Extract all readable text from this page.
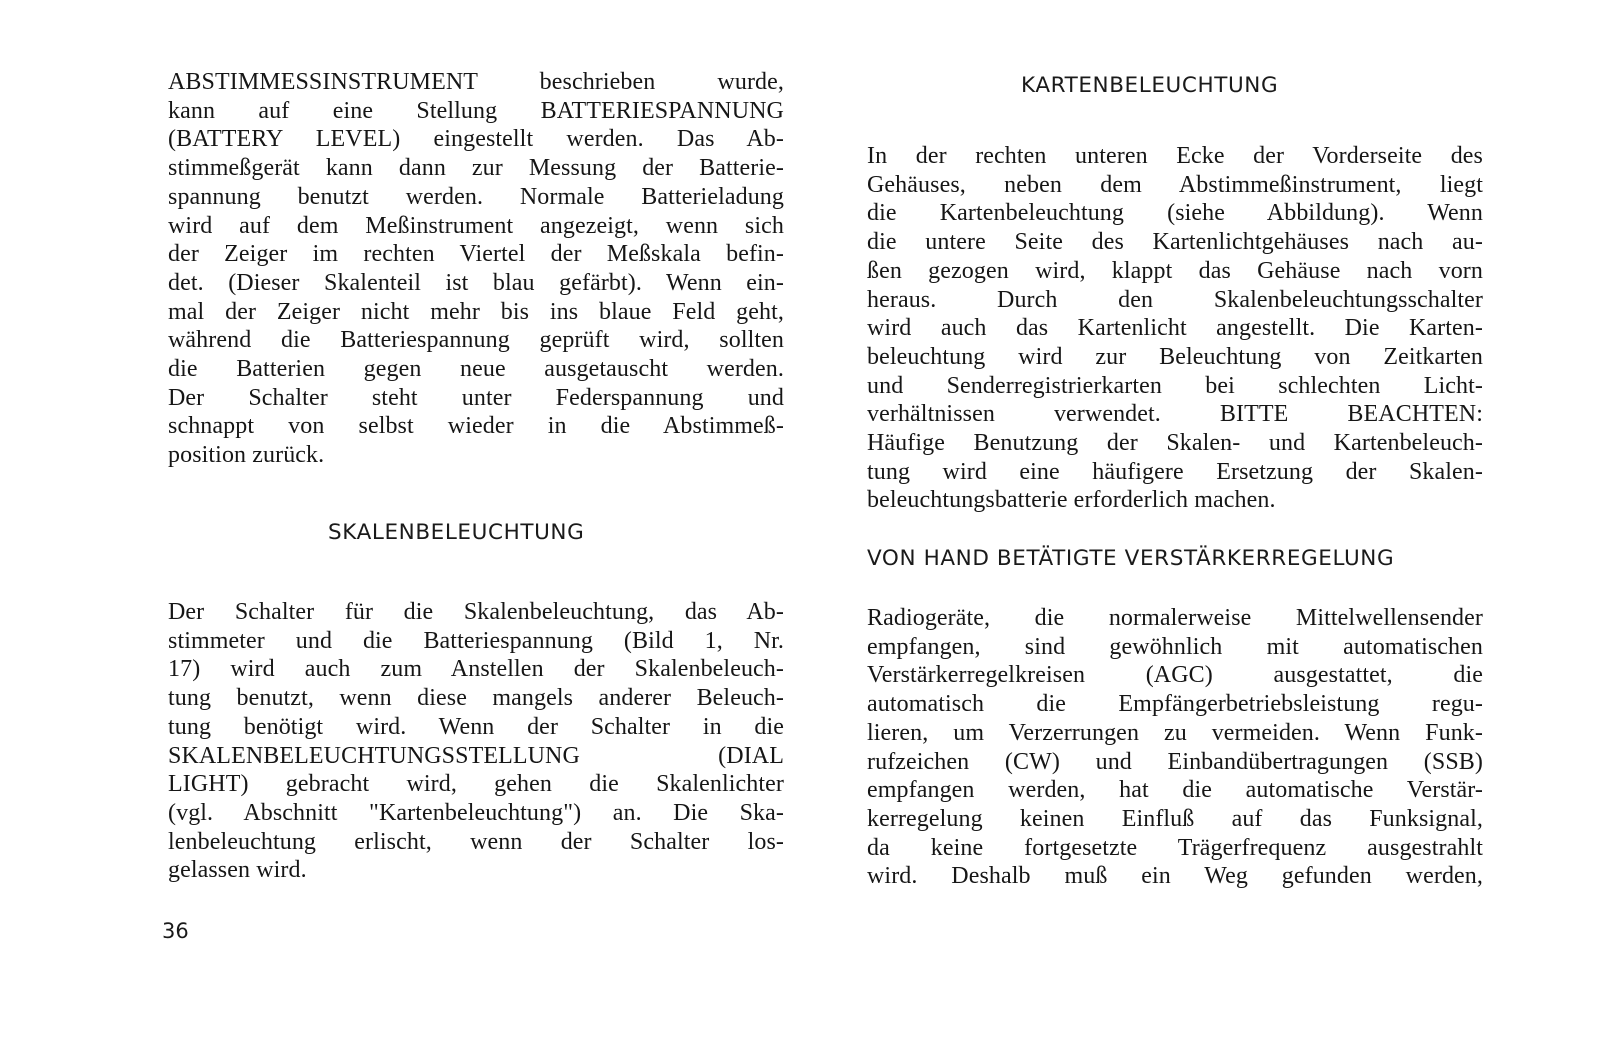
ABSTIMMESSINSTRUMENT beschrieben wurde,
kann auf eine Stellung BATTERIESPANNUNG
(BATTERY LEVEL) eingestellt werden. Das Ab-
stimmeßgerät kann dann zur Messung der Batterie-
spannung benutzt werden. Normale Batterieladung
wird auf dem Meßinstrument angezeigt, wenn sich
der Zeiger im rechten Viertel der Meßskala befin-
det. (Dieser Skalenteil ist blau gefärbt). Wenn ein-
mal der Zeiger nicht mehr bis ins blaue Feld geht,
während die Batteriespannung geprüft wird, sollten
die Batterien gegen neue ausgetauscht werden.
Der Schalter steht unter Federspannung und
schnappt von selbst wieder in die Abstimmeß-
position zurück.

SKALENBELEUCHTUNG

Der Schalter für die Skalenbeleuchtung, das Ab-
stimmeter und die Batteriespannung (Bild 1, Nr.
17) wird auch zum Anstellen der Skalenbeleuch-
tung benutzt, wenn diese mangels anderer Beleuch-
tung benötigt wird. Wenn der Schalter in die
SKALENBELEUCHTUNGSSTELLUNG (DIAL
LIGHT) gebracht wird, gehen die Skalenlichter
(vgl. Abschnitt "Kartenbeleuchtung") an. Die Ska-
lenbeleuchtung erlischt, wenn der Schalter los-
gelassen wird.

KARTENBELEUCHTUNG

In der rechten unteren Ecke der Vorderseite des
Gehäuses, neben dem Abstimmeßinstrument, liegt
die Kartenbeleuchtung (siehe Abbildung). Wenn
die untere Seite des Kartenlichtgehäuses nach au-
ßen gezogen wird, klappt das Gehäuse nach vorn
heraus. Durch den Skalenbeleuchtungsschalter
wird auch das Kartenlicht angestellt. Die Karten-
beleuchtung wird zur Beleuchtung von Zeitkarten
und Senderregistrierkarten bei schlechten Licht-
verhältnissen verwendet. BITTE BEACHTEN:
Häufige Benutzung der Skalen- und Kartenbeleuch-
tung wird eine häufigere Ersetzung der Skalen-
beleuchtungsbatterie erforderlich machen.

VON HAND BETÄTIGTE VERSTÄRKERREGELUNG

Radiogeräte, die normalerweise Mittelwellensender
empfangen, sind gewöhnlich mit automatischen
Verstärkerregelkreisen (AGC) ausgestattet, die
automatisch die Empfängerbetriebsleistung regu-
lieren, um Verzerrungen zu vermeiden. Wenn Funk-
rufzeichen (CW) und Einbandübertragungen (SSB)
empfangen werden, hat die automatische Verstär-
kerregelung keinen Einfluß auf das Funksignal,
da keine fortgesetzte Trägerfrequenz ausgestrahlt
wird. Deshalb muß ein Weg gefunden werden,

36
